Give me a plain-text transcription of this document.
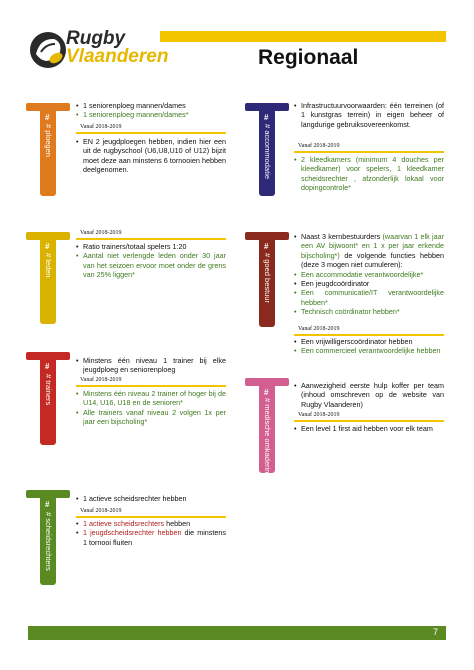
Rugby
Vlaanderen	Regionaal
#
# ploegen
#
# leden
#
# trainers
#
# scheidsrechters
#
# accommodatie
#
# goed bestuur
#
# medische omkadering
• 1 seniorenploeg mannen/dames
• 1 seniorenploeg mannen/dames*
Vanaf 2018-2019
• EN 2 jeugdploegen hebben, indien hier een uit de rugbyschool (U6,U8,U10 of U12) bijzit moet deze aan minstens 6 tornooien hebben deelgenomen.
Vanaf 2018-2019
• Ratio trainers/totaal spelers 1:20
• Aantal niet verlengde leden onder 30 jaar van het seizoen ervoor moet onder de grens van 25% liggen*
• Minstens één niveau 1 trainer bij elke jeugdploeg en seniorenploeg
Vanaf 2018-2019
• Minstens één niveau 2 trainer of hoger bij de U14, U16, U18 en de senioren*
• Alle trainers vanaf niveau 2 volgen 1x per jaar een bijscholing*
• 1 actieve scheidsrechter hebben
Vanaf 2018-2019
• 1 actieve scheidsrechters hebben
• 1 jeugdscheidsrechter hebben die minstens 1 tornooi fluiten
• Infrastructuurvoorwaarden: één terreinen (of 1 kunstgras terrein) in eigen beheer of langdurige gebruiksovereenkomst.
Vanaf 2018-2019
• 2 kleedkamers (minimum 4 douches per kleedkamer) voor spelers, 1 kleedkamer scheidsrechter , afzonderlijk lokaal voor dopingcontrole*
• Naast 3 kernbestuurders (waarvan 1 elk jaar een AV bijwoont* en 1 x per jaar erkende bijscholing*) de volgende functies hebben (deze 3 mogen niet cumuleren):
• Een accommodatie verantwoordelijke*
• Een jeugdcoördinator
• Een communicatie/IT verantwoordelijke hebben*
• Technisch coördinator hebben*
Vanaf 2018-2019
• Een vrijwilligerscoördinator hebben
• Een commercieel verantwoordelijke hebben
• Aanwezigheid eerste hulp koffer per team (inhoud omschreven op de website van Rugby Vlaanderen)
Vanaf 2018-2019
• Een level 1 first aid hebben voor elk team
7
